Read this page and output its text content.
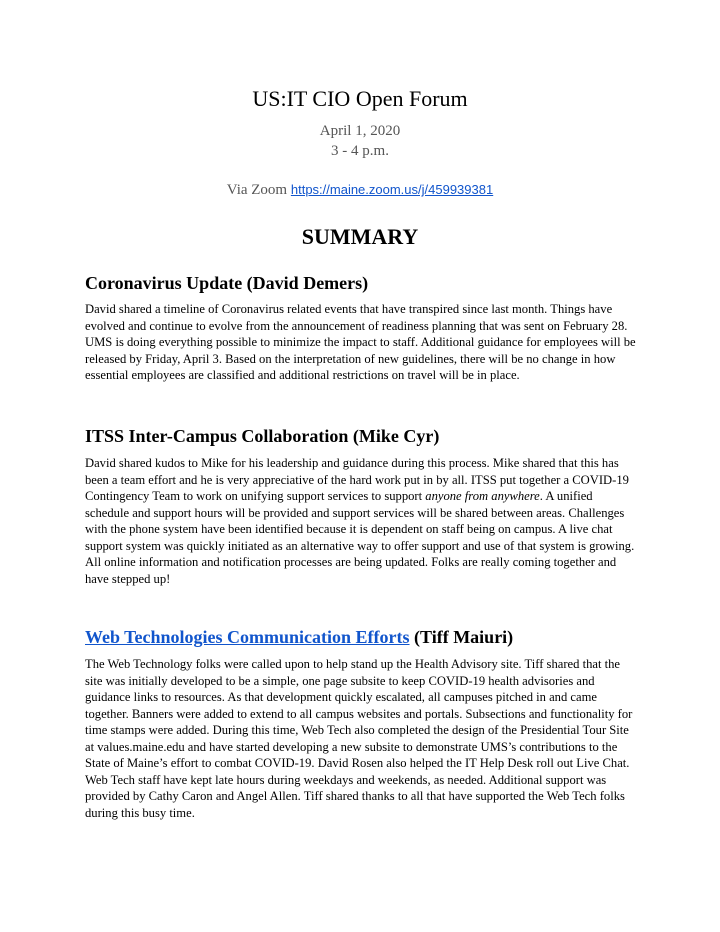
US:IT CIO Open Forum
April 1, 2020
3 - 4 p.m.
Via Zoom https://maine.zoom.us/j/459939381
SUMMARY
Coronavirus Update (David Demers)
David shared a timeline of Coronavirus related events that have transpired since last month. Things have evolved and continue to evolve from the announcement of readiness planning that was sent on February 28. UMS is doing everything possible to minimize the impact to staff. Additional guidance for employees will be released by Friday, April 3. Based on the interpretation of new guidelines, there will be no change in how essential employees are classified and additional restrictions on travel will be in place.
ITSS Inter-Campus Collaboration (Mike Cyr)
David shared kudos to Mike for his leadership and guidance during this process. Mike shared that this has been a team effort and he is very appreciative of the hard work put in by all. ITSS put together a COVID-19 Contingency Team to work on unifying support services to support anyone from anywhere. A unified schedule and support hours will be provided and support services will be shared between areas. Challenges with the phone system have been identified because it is dependent on staff being on campus. A live chat support system was quickly initiated as an alternative way to offer support and use of that system is growing. All online information and notification processes are being updated. Folks are really coming together and have stepped up!
Web Technologies Communication Efforts (Tiff Maiuri)
The Web Technology folks were called upon to help stand up the Health Advisory site. Tiff shared that the site was initially developed to be a simple, one page subsite to keep COVID-19 health advisories and guidance links to resources. As that development quickly escalated, all campuses pitched in and came together. Banners were added to extend to all campus websites and portals. Subsections and functionality for time stamps were added. During this time, Web Tech also completed the design of the Presidential Tour Site at values.maine.edu and have started developing a new subsite to demonstrate UMS’s contributions to the State of Maine’s effort to combat COVID-19. David Rosen also helped the IT Help Desk roll out Live Chat. Web Tech staff have kept late hours during weekdays and weekends, as needed. Additional support was provided by Cathy Caron and Angel Allen. Tiff shared thanks to all that have supported the Web Tech folks during this busy time.
